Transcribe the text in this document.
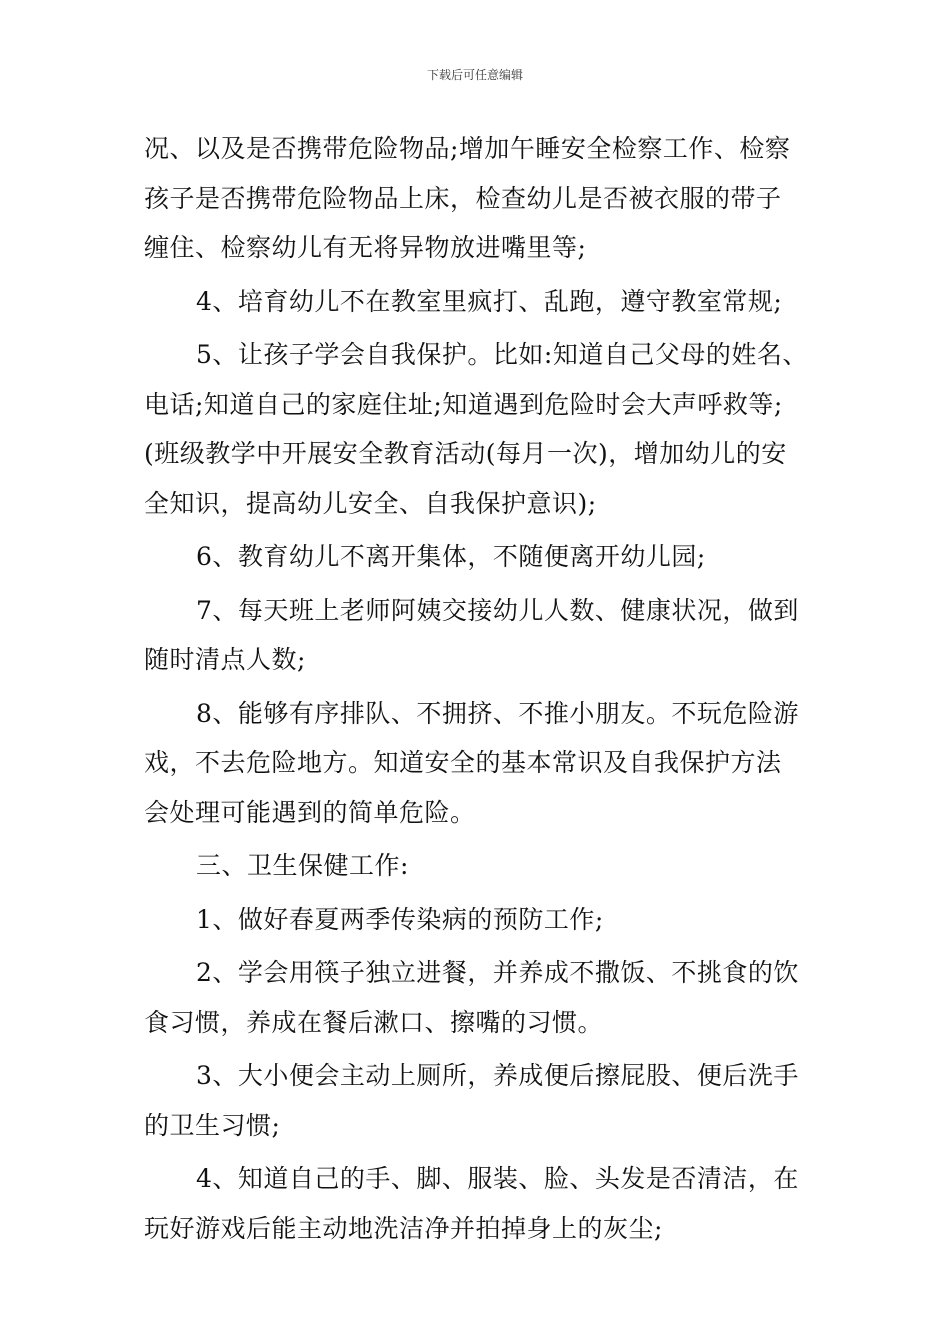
下载后可任意编辑
况、以及是否携带危险物品;增加午睡安全检察工作、检察
孩子是否携带危险物品上床，检查幼儿是否被衣服的带子
缠住、检察幼儿有无将异物放进嘴里等;
4、培育幼儿不在教室里疯打、乱跑，遵守教室常规;
5、让孩子学会自我保护。比如:知道自己父母的姓名、
电话;知道自己的家庭住址;知道遇到危险时会大声呼救等;
(班级教学中开展安全教育活动(每月一次)，增加幼儿的安
全知识，提高幼儿安全、自我保护意识);
6、教育幼儿不离开集体，不随便离开幼儿园;
7、每天班上老师阿姨交接幼儿人数、健康状况，做到
随时清点人数;
8、能够有序排队、不拥挤、不推小朋友。不玩危险游
戏，不去危险地方。知道安全的基本常识及自我保护方法
会处理可能遇到的简单危险。
三、卫生保健工作:
1、做好春夏两季传染病的预防工作;
2、学会用筷子独立进餐，并养成不撒饭、不挑食的饮
食习惯，养成在餐后漱口、擦嘴的习惯。
3、大小便会主动上厕所，养成便后擦屁股、便后洗手
的卫生习惯;
4、知道自己的手、脚、服装、脸、头发是否清洁，在
玩好游戏后能主动地洗洁净并拍掉身上的灰尘;
